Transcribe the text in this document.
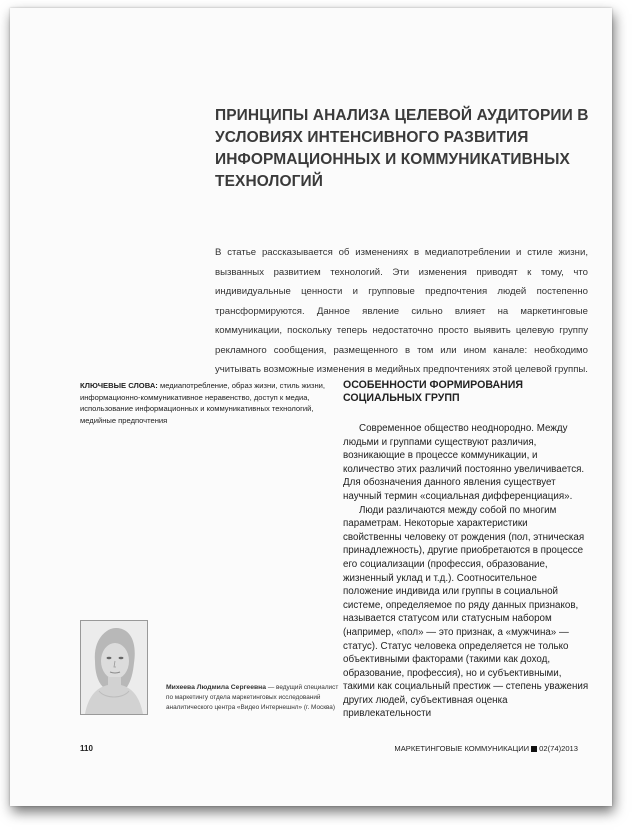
ПРИНЦИПЫ АНАЛИЗА ЦЕЛЕВОЙ АУДИТОРИИ В УСЛОВИЯХ ИНТЕНСИВНОГО РАЗВИТИЯ ИНФОРМАЦИОННЫХ И КОММУНИКАТИВНЫХ ТЕХНОЛОГИЙ
В статье рассказывается об изменениях в медиапотреблении и стиле жизни, вызванных развитием технологий. Эти изменения приводят к тому, что индивидуальные ценности и групповые предпочтения людей постепенно трансформируются. Данное явление сильно влияет на маркетинговые коммуникации, поскольку теперь недостаточно просто выявить целевую группу рекламного сообщения, размещенного в том или ином канале: необходимо учитывать возможные изменения в медийных предпочтениях этой целевой группы.
КЛЮЧЕВЫЕ СЛОВА: медиапотребление, образ жизни, стиль жизни, информационно-коммуникативное неравенство, доступ к медиа, использование информационных и коммуникативных технологий, медийные предпочтения
ОСОБЕННОСТИ ФОРМИРОВАНИЯ СОЦИАЛЬНЫХ ГРУПП

Современное общество неоднородно. Между людьми и группами существуют различия, возникающие в процессе коммуникации, и количество этих различий постоянно увеличивается. Для обозначения данного явления существует научный термин «социальная дифференциация».

Люди различаются между собой по многим параметрам. Некоторые характеристики свойственны человеку от рождения (пол, этническая принадлежность), другие приобретаются в процессе его социализации (профессия, образование, жизненный уклад и т.д.). Соотносительное положение индивида или группы в социальной системе, определяемое по ряду данных признаков, называется статусом или статусным набором (например, «пол» — это признак, а «мужчина» — статус). Статус человека определяется не только объективными факторами (такими как доход, образование, профессия), но и субъективными, такими как социальный престиж — степень уважения других людей, субъективная оценка привлекательности

Михеева Людмила Сергеевна — ведущий специалист по маркетингу отдела маркетинговых исследований аналитического центра «Видео Интернешнл» (г. Москва)
110	МАРКЕТИНГОВЫЕ КОММУНИКАЦИИ 02(74)2013
